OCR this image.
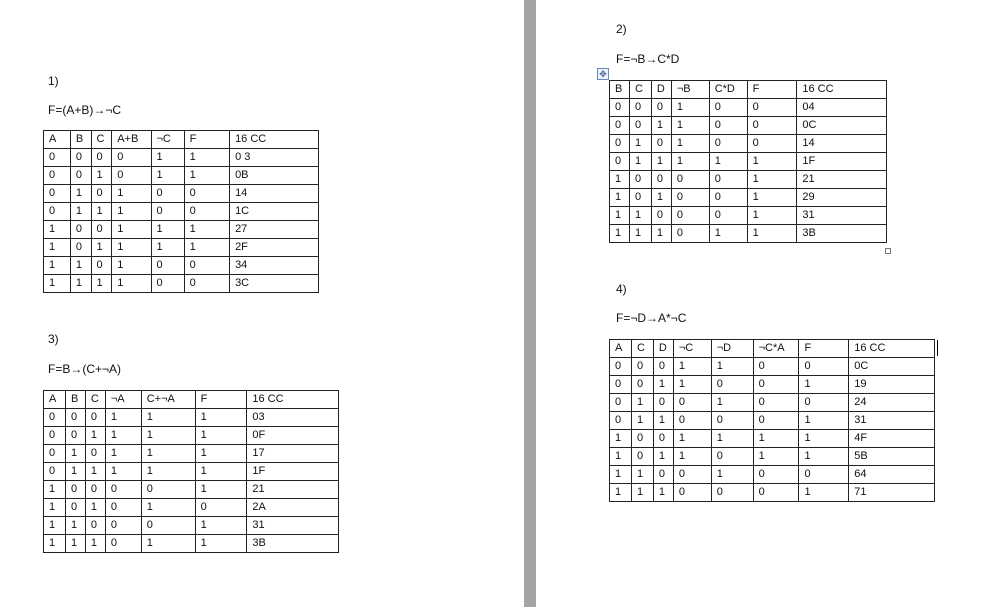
1)

F=(A+B)→¬C

A	B	C	A+B	¬C	F	16 CC
0	0	0	0	1	1	0 3
0	0	1	0	1	1	0B
0	1	0	1	0	0	14
0	1	1	1	0	0	1C
1	0	0	1	1	1	27
1	0	1	1	1	1	2F
1	1	0	1	0	0	34
1	1	1	1	0	0	3C

2)

F=¬B→C*D

✥
B	C	D	¬B	C*D	F	16 CC
0	0	0	1	0	0	04
0	0	1	1	0	0	0C
0	1	0	1	0	0	14
0	1	1	1	1	1	1F
1	0	0	0	0	1	21
1	0	1	0	0	1	29
1	1	0	0	0	1	31
1	1	1	0	1	1	3B

3)

F=B→(C+¬A)

A	B	C	¬A	C+¬A	F	16 CC
0	0	0	1	1	1	03
0	0	1	1	1	1	0F
0	1	0	1	1	1	17
0	1	1	1	1	1	1F
1	0	0	0	0	1	21
1	0	1	0	1	0	2A
1	1	0	0	0	1	31
1	1	1	0	1	1	3B

4)

F=¬D→A*¬C

A	C	D	¬C	¬D	¬C*A	F	16 CC
0	0	0	1	1	0	0	0C
0	0	1	1	0	0	1	19
0	1	0	0	1	0	0	24
0	1	1	0	0	0	1	31
1	0	0	1	1	1	1	4F
1	0	1	1	0	1	1	5B
1	1	0	0	1	0	0	64
1	1	1	0	0	0	1	71
